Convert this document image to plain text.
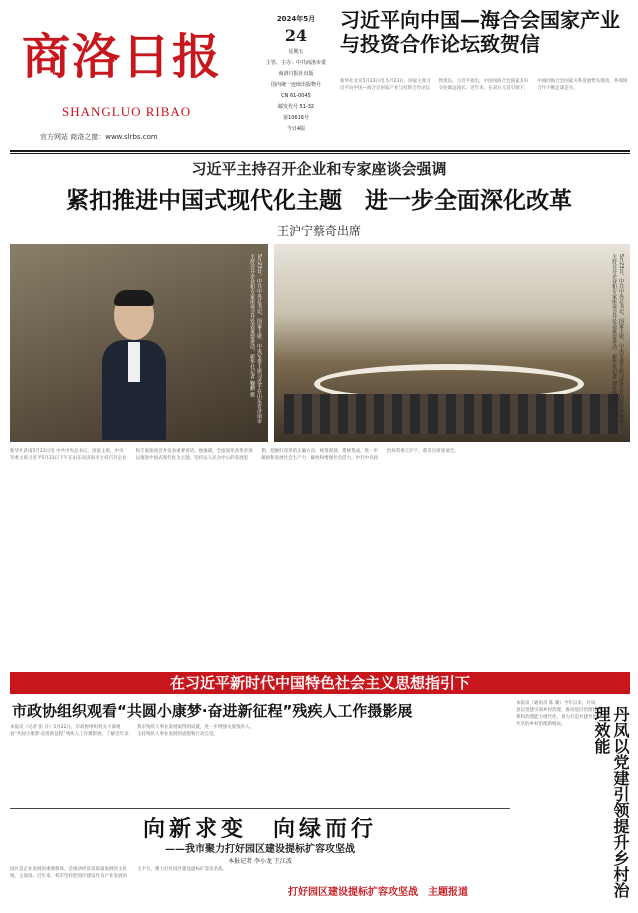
商洛日报
SHANGLUO RIBAO
官方网站 商洛之窗：www.slrbs.com
2024年5月
24
星期五
主管、主办：中共商洛市委
商洛日报社出版
国内统一连续出版物号
CN 61-0045
邮发代号 51-32
第10616号
今日4版
习近平向中国—海合会国家产业与投资合作论坛致贺信
新华社北京5月23日电 5月23日，国家主席习近平向中国—海合会国家产业与投资合作论坛致贺信。习近平指出，中国同海合会国家友好交往源远流长。近年来，在双方元首引领下，中国同海合会国家关系发展势头强劲，各领域合作不断走深走实。
习近平主持召开企业和专家座谈会强调
紧扣推进中国式现代化主题　进一步全面深化改革
王沪宁蔡奇出席
5月23日，中共中央总书记、国家主席、中央军委主席习近平在山东省济南市主持召开企业和专家座谈会并发表重要讲话。新华社记者 鞠鹏 摄	5月23日，中共中央总书记、国家主席、中央军委主席习近平在山东省济南市主持召开企业和专家座谈会并发表重要讲话。新华社记者 谢环驰 摄
新华社济南5月23日电 中共中央总书记、国家主席、中央军委主席习近平5月23日下午在山东省济南市主持召开企业和专家座谈会并发表重要讲话。他强调，全面深化改革必须以推进中国式现代化为主题，坚持以人民为中心的发展思想，把握好改革的正确方向，统筹谋划、系统集成，进一步解放和发展社会生产力、解放和增强社会活力。中共中央政治局常委王沪宁、蔡奇出席座谈会。
在习近平新时代中国特色社会主义思想指引下
市政协组织观看“共圆小康梦·奋进新征程”残疾人工作摄影展
本报讯（记者 张 开）5月22日，市政协组织机关干部观看“共圆小康梦·奋进新征程”残疾人工作摄影展，了解近年来我市残疾人事业发展取得的成就，进一步增强关爱残疾人、支持残疾人事业发展的思想和行动自觉。
向新求变　向绿而行
——我市聚力打好园区建设提标扩容攻坚战
本报记者 李小龙 王江波
园区是企业发展的重要载体，是推动经济高质量发展的主阵地、主战场。近年来，我市坚持把园区建设作为产业发展的主平台，聚力打好园区建设提标扩容攻坚战。
打好园区建设提标扩容攻坚战　主题报道
本报讯（通讯员 陈 璐）今年以来，丹凤县以党建引领乡村治理，推动基层治理体系和治理能力现代化，着力打造共建共治共享的乡村治理新格局。	丹凤以党建引领提升乡村治理效能
